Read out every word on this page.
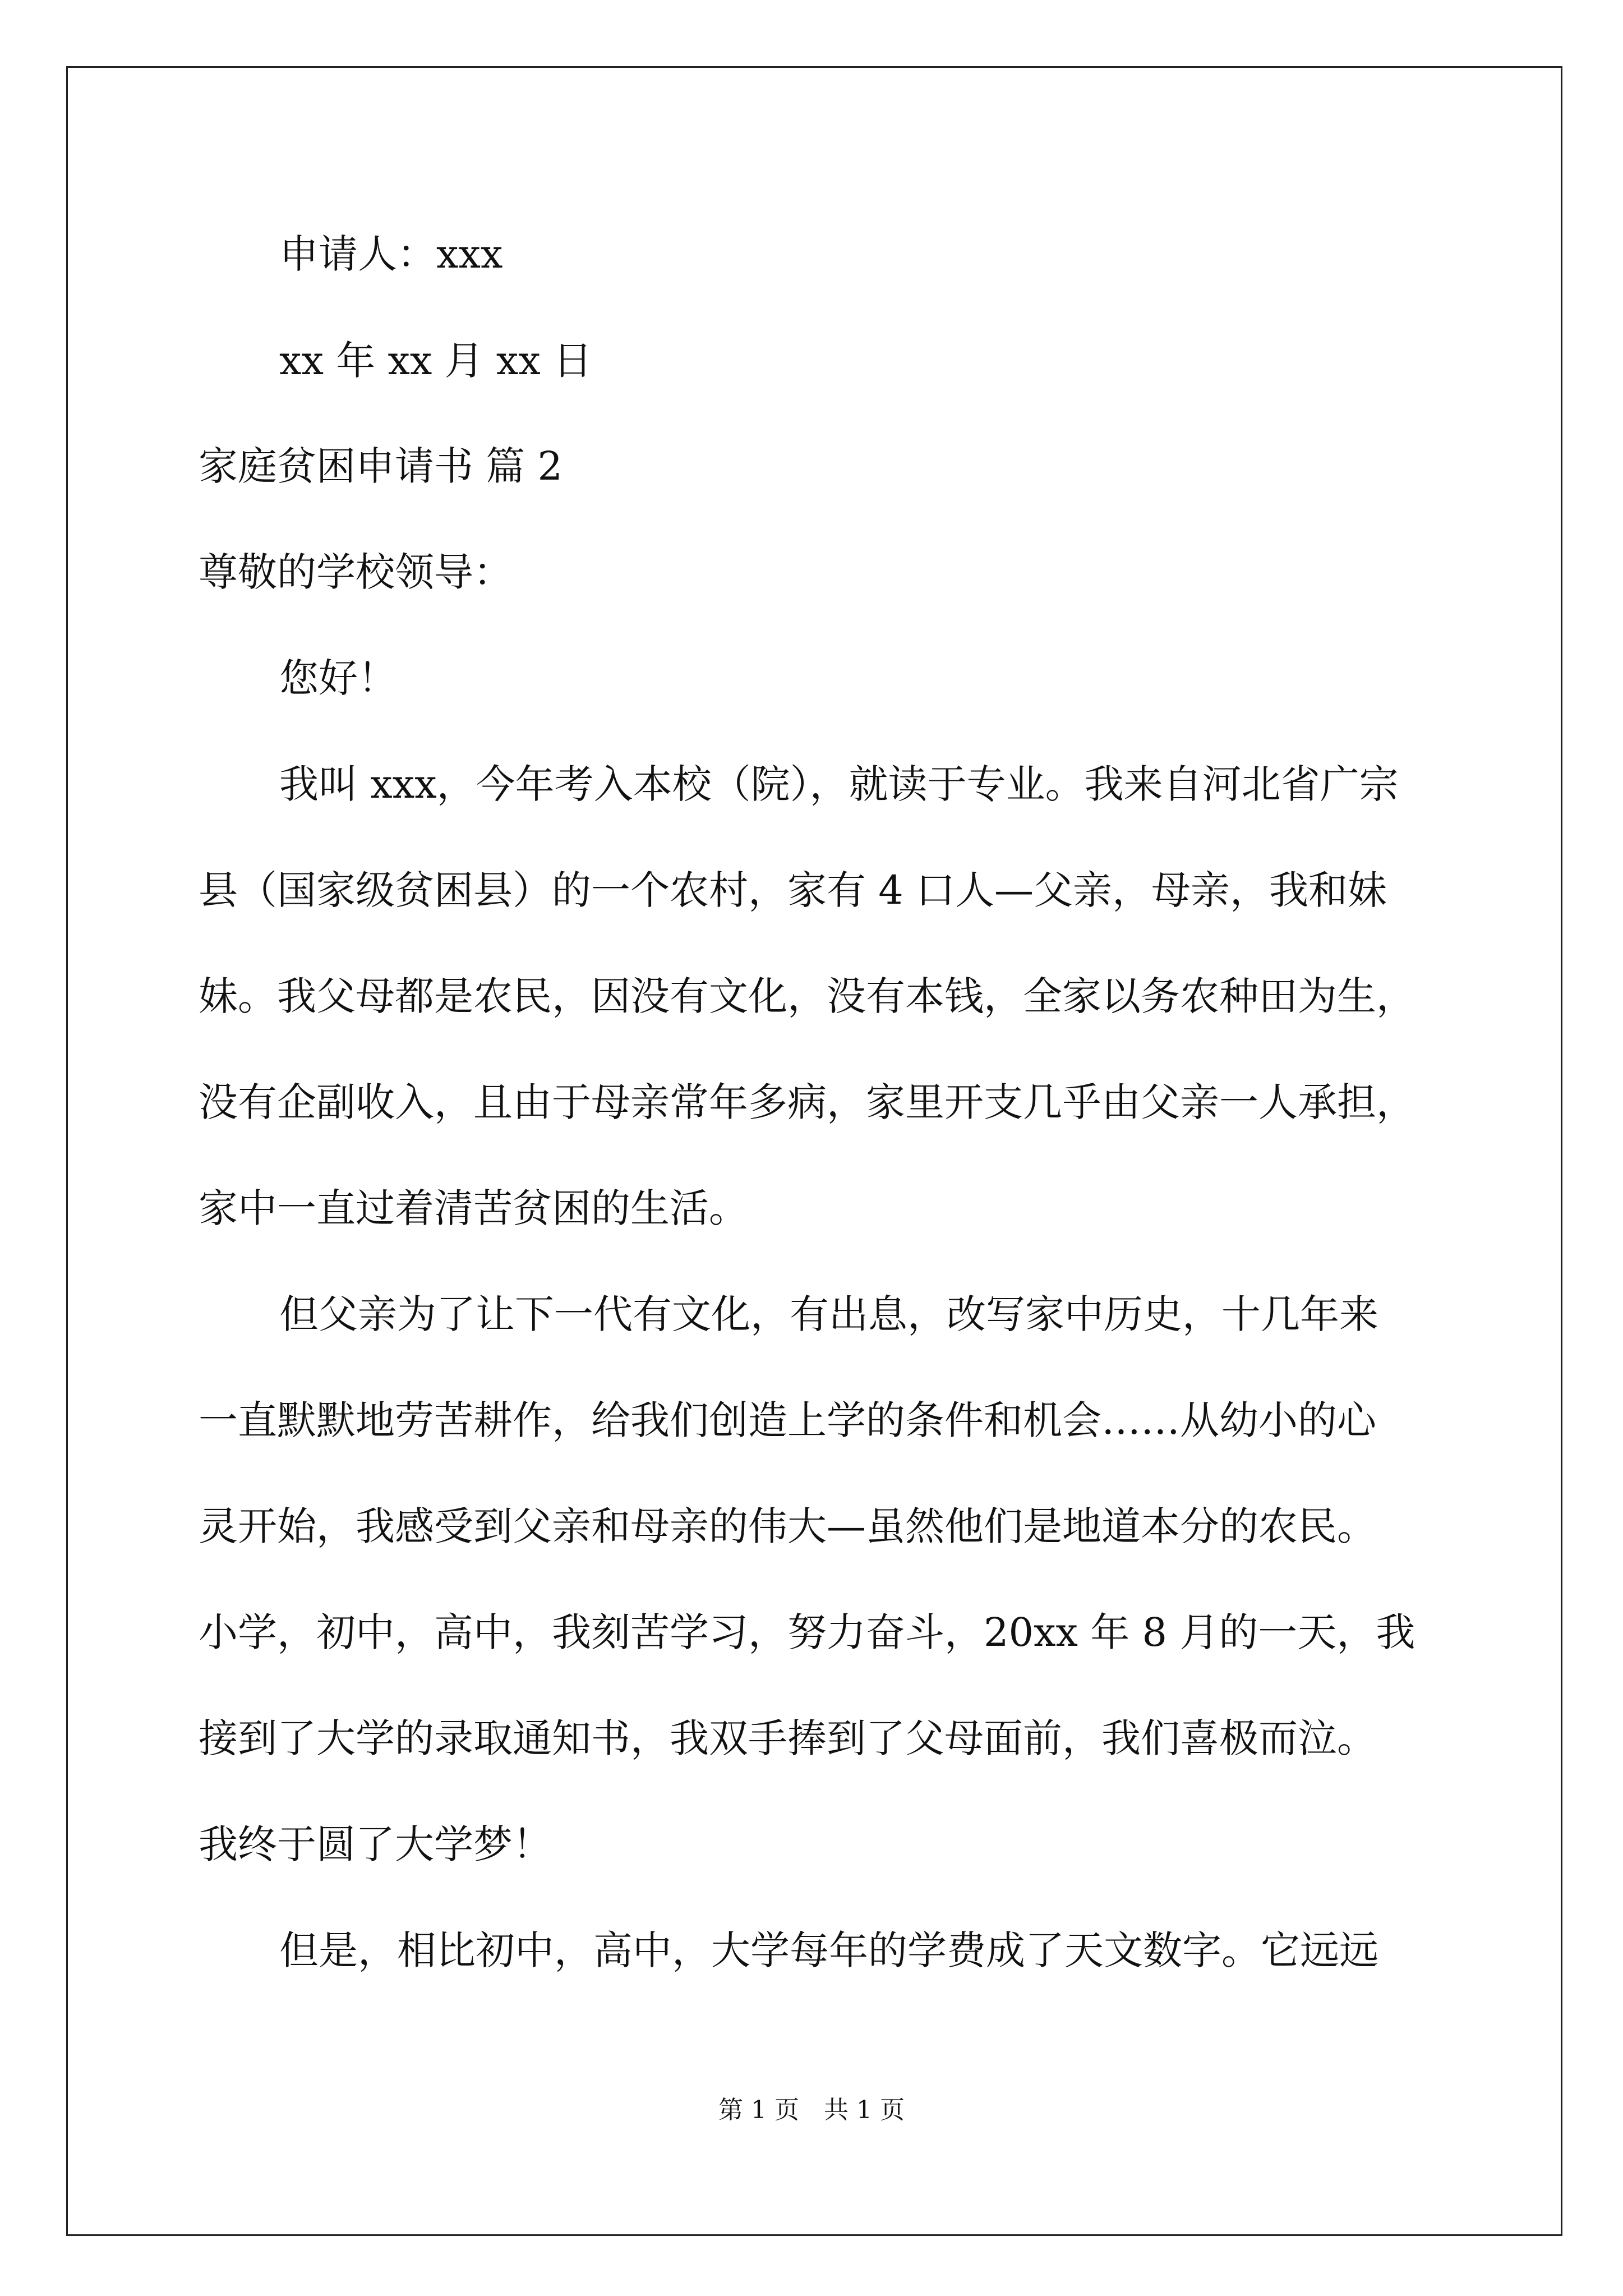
申请人：xxx
xx 年 xx 月 xx 日
家庭贫困申请书 篇 2
尊敬的学校领导：
您好！
我叫 xxx，今年考入本校（院），就读于专业。我来自河北省广宗
县（国家级贫困县）的一个农村，家有 4 口人—父亲，母亲，我和妹
妹。我父母都是农民，因没有文化，没有本钱，全家以务农种田为生，
没有企副收入，且由于母亲常年多病，家里开支几乎由父亲一人承担，
家中一直过着清苦贫困的生活。
但父亲为了让下一代有文化，有出息，改写家中历史，十几年来
一直默默地劳苦耕作，给我们创造上学的条件和机会……从幼小的心
灵开始，我感受到父亲和母亲的伟大—虽然他们是地道本分的农民。
小学，初中，高中，我刻苦学习，努力奋斗，20xx 年 8 月的一天，我
接到了大学的录取通知书，我双手捧到了父母面前，我们喜极而泣。
我终于圆了大学梦！
但是，相比初中，高中，大学每年的学费成了天文数字。它远远
第 1 页　共 1 页
